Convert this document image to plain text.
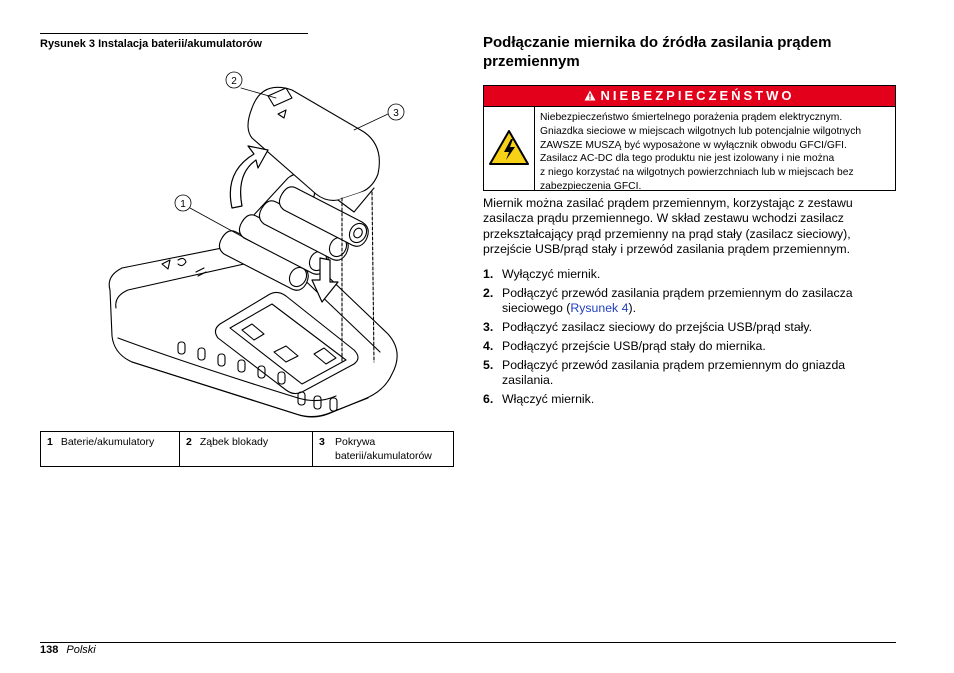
Rysunek 3 Instalacja baterii/akumulatorów
1
2
3
1 Baterie/akumulatory	2 Ząbek blokady	3 Pokrywa baterii/akumulatorów
Podłączanie miernika do źródła zasilania prądem przemiennym
NIEBEZPIECZEŃSTWO

Niebezpieczeństwo śmiertelnego porażenia prądem elektrycznym.

Gniazdka sieciowe w miejscach wilgotnych lub potencjalnie wilgotnych

ZAWSZE MUSZĄ być wyposażone w wyłącznik obwodu GFCI/GFI.

Zasilacz AC-DC dla tego produktu nie jest izolowany i nie można

z niego korzystać na wilgotnych powierzchniach lub w miejscach bez

zabezpieczenia GFCI.

Miernik można zasilać prądem przemiennym, korzystając z zestawu zasilacza prądu przemiennego. W skład zestawu wchodzi zasilacz przekształcający prąd przemienny na prąd stały (zasilacz sieciowy), przejście USB/prąd stały i przewód zasilania prądem przemiennym.
1. Wyłączyć miernik.
2. Podłączyć przewód zasilania prądem przemiennym do zasilacza sieciowego (Rysunek 4).
3. Podłączyć zasilacz sieciowy do przejścia USB/prąd stały.
4. Podłączyć przejście USB/prąd stały do miernika.
5. Podłączyć przewód zasilania prądem przemiennym do gniazda zasilania.
6. Włączyć miernik.
138 Polski
